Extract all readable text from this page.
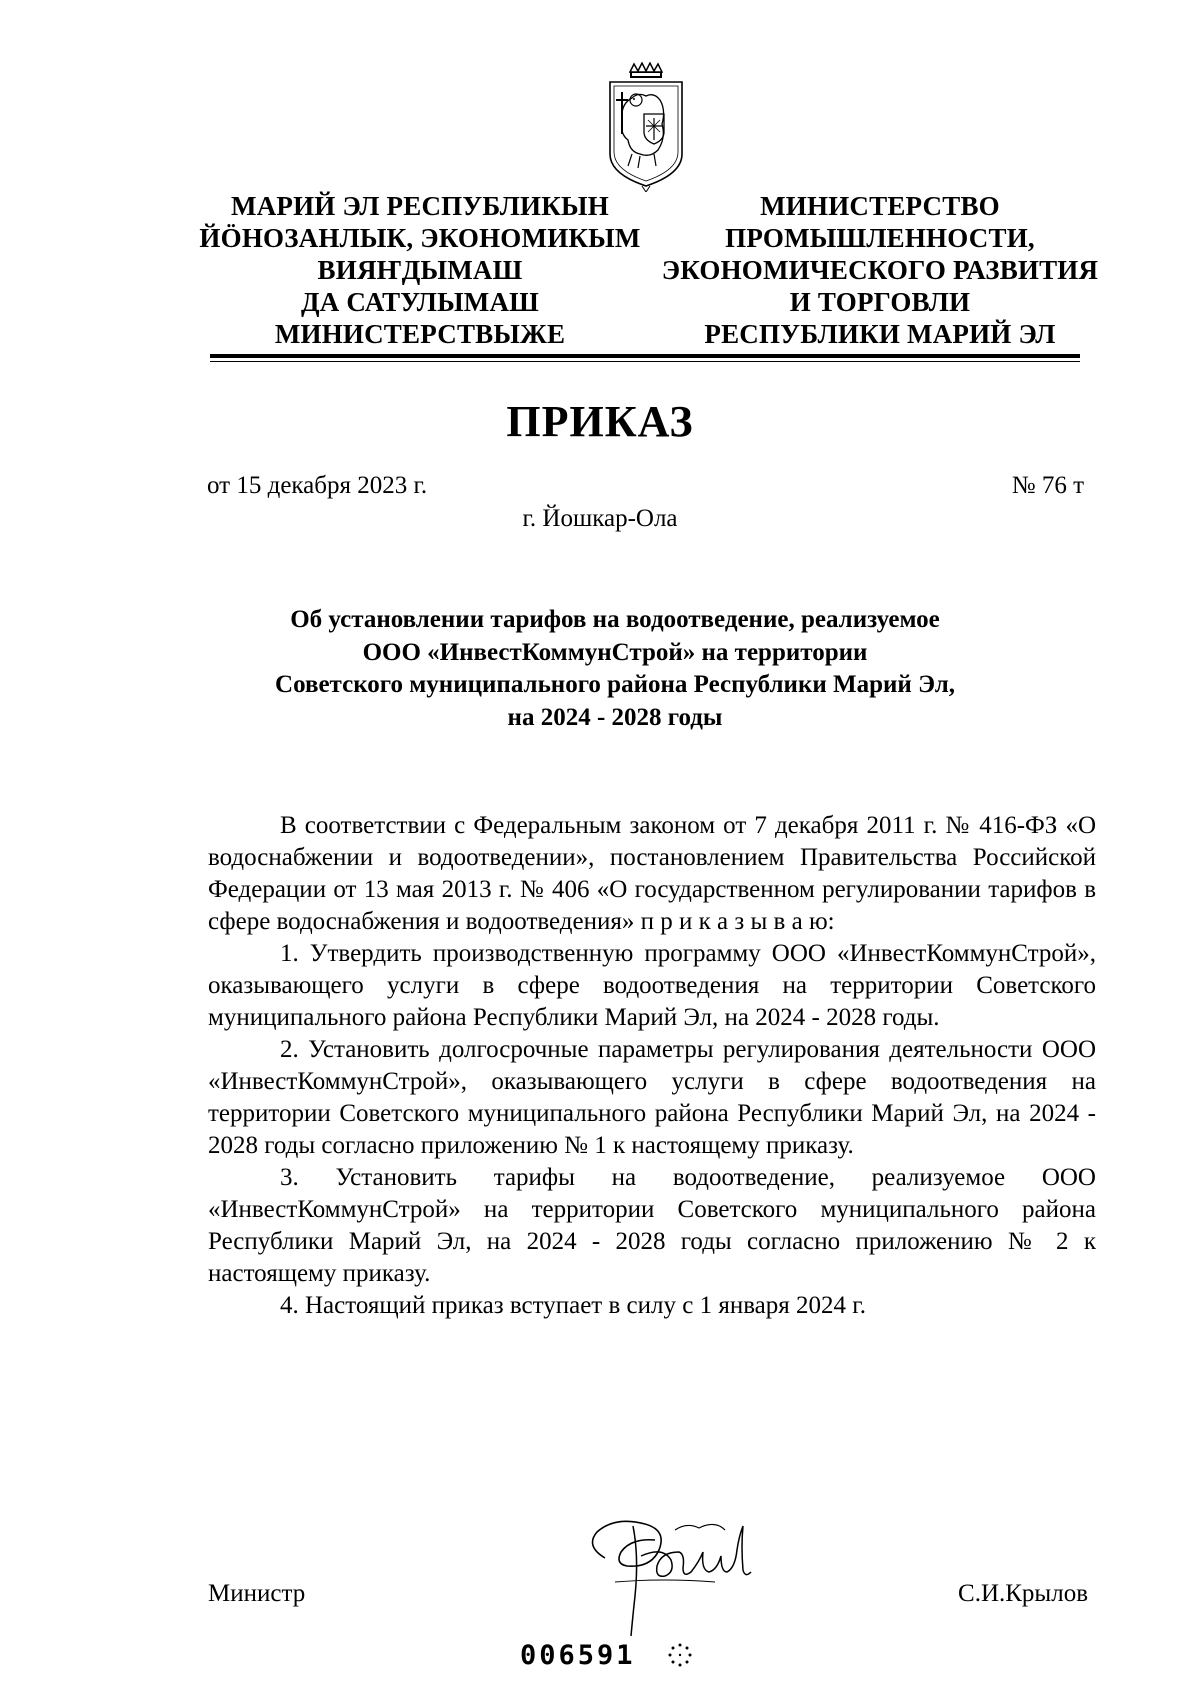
МАРИЙ ЭЛ РЕСПУБЛИКЫН
ЙӦНОЗАНЛЫК, ЭКОНОМИКЫМ
ВИЯҤДЫМАШ
ДА САТУЛЫМАШ
МИНИСТЕРСТВЫЖЕ
МИНИСТЕРСТВО
ПРОМЫШЛЕННОСТИ,
ЭКОНОМИЧЕСКОГО РАЗВИТИЯ
И ТОРГОВЛИ
РЕСПУБЛИКИ МАРИЙ ЭЛ
ПРИКАЗ
от 15 декабря 2023 г.	№ 76 т
г. Йошкар-Ола
Об установлении тарифов на водоотведение, реализуемое
ООО «ИнвестКоммунСтрой» на территории
Советского муниципального района Республики Марий Эл,
на 2024 - 2028 годы

В соответствии с Федеральным законом от 7 декабря 2011 г. № 416-ФЗ «О водоснабжении и водоотведении», постановлением Правительства Российской Федерации от 13 мая 2013 г. № 406 «О государственном регулировании тарифов в сфере водоснабжения и водоотведения» п р и к а з ы в а ю:

1. Утвердить производственную программу ООО «ИнвестКоммунСтрой», оказывающего услуги в сфере водоотведения на территории Советского муниципального района Республики Марий Эл, на 2024 - 2028 годы.

2. Установить долгосрочные параметры регулирования деятельности ООО «ИнвестКоммунСтрой», оказывающего услуги в сфере водоотведения на территории Советского муниципального района Республики Марий Эл, на 2024 - 2028 годы согласно приложению № 1 к настоящему приказу.

3. Установить тарифы на водоотведение, реализуемое ООО «ИнвестКоммунСтрой» на территории Советского муниципального района Республики Марий Эл, на 2024 - 2028 годы согласно приложению № 2 к настоящему приказу.

4. Настоящий приказ вступает в силу с 1 января 2024 г.

Министр	С.И.Крылов
006591
